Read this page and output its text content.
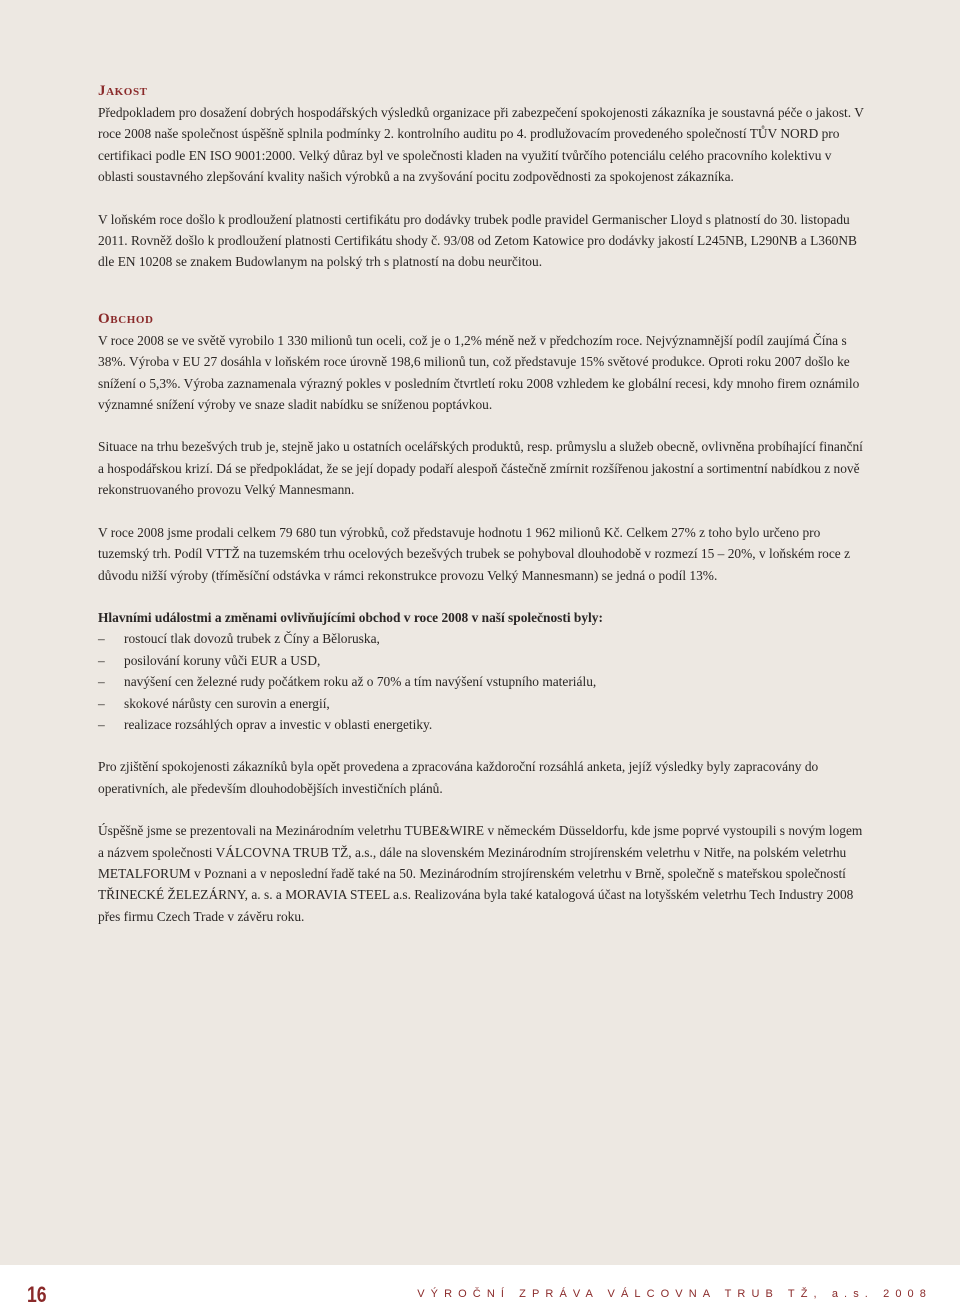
Jakost

Předpokladem pro dosažení dobrých hospodářských výsledků organizace při zabezpečení spokojenosti zákazníka je soustavná péče o jakost. V roce 2008 naše společnost úspěšně splnila podmínky 2. kontrolního auditu po 4. prodlužovacím provedeného společností TŮV NORD pro certifikaci podle EN ISO 9001:2000. Velký důraz byl ve společnosti kladen na využití tvůrčího potenciálu celého pracovního kolektivu v oblasti soustavného zlepšování kvality našich výrobků a na zvyšování pocitu zodpovědnosti za spokojenost zákazníka.

V loňském roce došlo k prodloužení platnosti certifikátu pro dodávky trubek podle pravidel Germanischer Lloyd s platností do 30. listopadu 2011. Rovněž došlo k prodloužení platnosti Certifikátu shody č. 93/08 od Zetom Katowice pro dodávky jakostí L245NB, L290NB a L360NB dle EN 10208 se znakem Budowlanym na polský trh s platností na dobu neurčitou.

Obchod

V roce 2008 se ve světě vyrobilo 1 330 milionů tun oceli, což je o 1,2% méně než v předchozím roce. Nejvýznamnější podíl zaujímá Čína s 38%. Výroba v EU 27 dosáhla v loňském roce úrovně 198,6 milionů tun, což představuje 15% světové produkce. Oproti roku 2007 došlo ke snížení o 5,3%. Výroba zaznamenala výrazný pokles v posledním čtvrtletí roku 2008 vzhledem ke globální recesi, kdy mnoho firem oznámilo významné snížení výroby ve snaze sladit nabídku se sníženou poptávkou.

Situace na trhu bezešvých trub je, stejně jako u ostatních ocelářských produktů, resp. průmyslu a služeb obecně, ovlivněna probíhající finanční a hospodářskou krizí. Dá se předpokládat, že se její dopady podaří alespoň částečně zmírnit rozšířenou jakostní a sortimentní nabídkou z nově rekonstruovaného provozu Velký Mannesmann.

V roce 2008 jsme prodali celkem 79 680 tun výrobků, což představuje hodnotu 1 962 milionů Kč. Celkem 27% z toho bylo určeno pro tuzemský trh. Podíl VTTŽ na tuzemském trhu ocelových bezešvých trubek se pohyboval dlouhodobě v rozmezí 15 – 20%, v loňském roce z důvodu nižší výroby (tříměsíční odstávka v rámci rekonstrukce provozu Velký Mannesmann) se jedná o podíl 13%.

Hlavními událostmi a změnami ovlivňujícími obchod v roce 2008 v naší společnosti byly:
– rostoucí tlak dovozů trubek z Číny a Běloruska,
– posilování koruny vůči EUR a USD,
– navýšení cen železné rudy počátkem roku až o 70% a tím navýšení vstupního materiálu,
– skokové nárůsty cen surovin a energií,
– realizace rozsáhlých oprav a investic v oblasti energetiky.

Pro zjištění spokojenosti zákazníků byla opět provedena a zpracována každoroční rozsáhlá anketa, jejíž výsledky byly zapracovány do operativních, ale především dlouhodobějších investičních plánů.

Úspěšně jsme se prezentovali na Mezinárodním veletrhu TUBE&WIRE v německém Düsseldorfu, kde jsme poprvé vystoupili s novým logem a názvem společnosti VÁLCOVNA TRUB TŽ, a.s., dále na slovenském Mezinárodním strojírenském veletrhu v Nitře, na polském veletrhu METALFORUM v Poznani a v neposlední řadě také na 50. Mezinárodním strojírenském veletrhu v Brně, společně s mateřskou společností TŘINECKÉ ŽELEZÁRNY, a. s. a MORAVIA STEEL a.s. Realizována byla také katalogová účast na lotyšském veletrhu Tech Industry 2008 přes firmu Czech Trade v závěru roku.

16	VÝROČNÍ ZPRÁVA VÁLCOVNA TRUB TŽ, a.s. 2008
